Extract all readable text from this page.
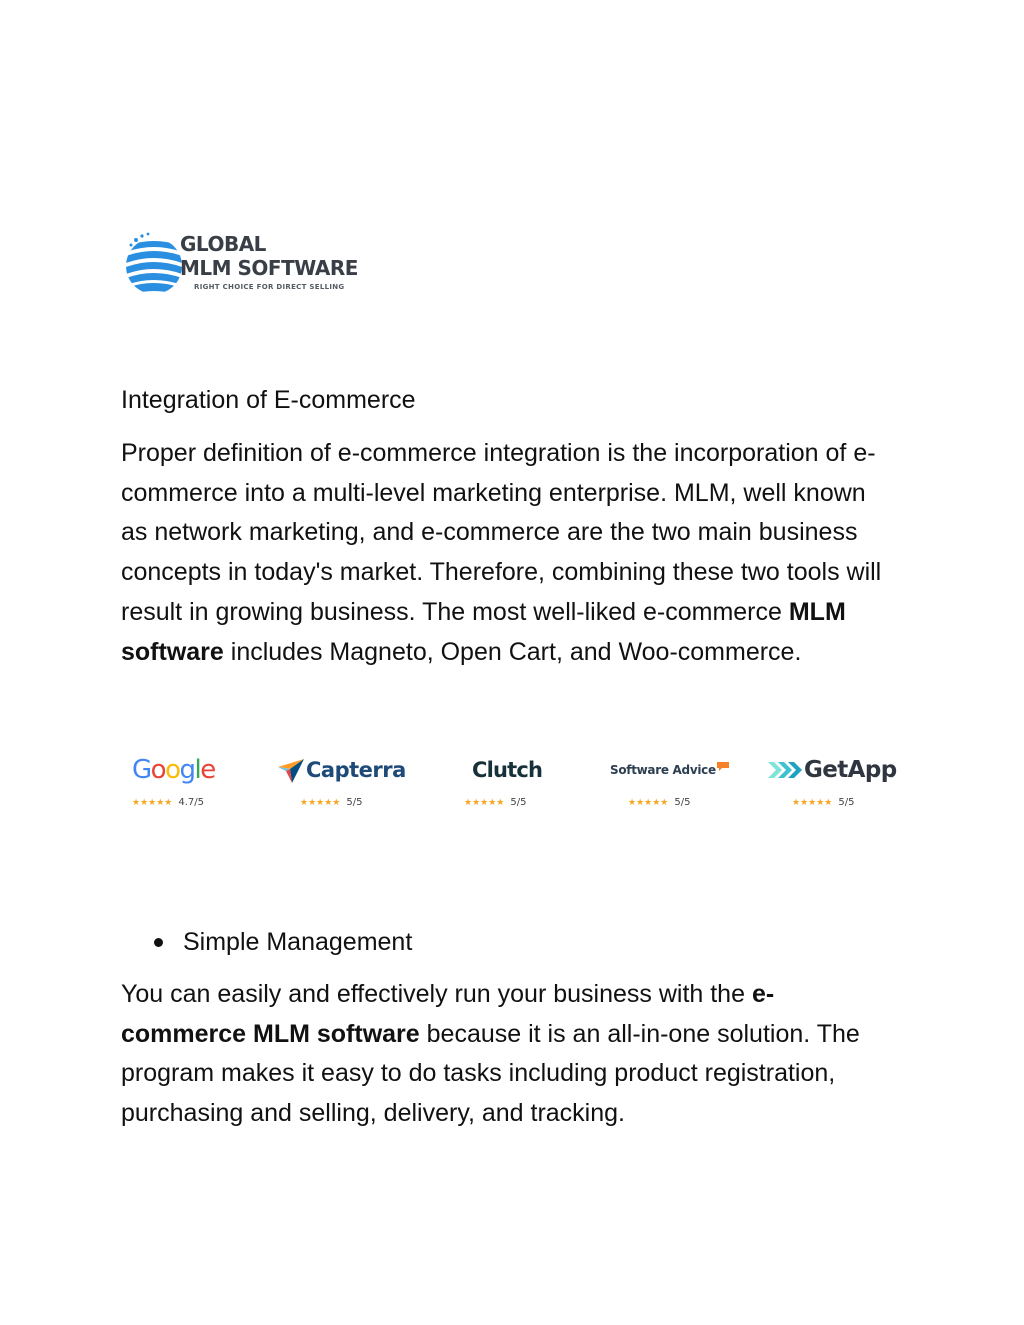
GLOBAL
MLM SOFTWARE
RIGHT CHOICE FOR DIRECT SELLING
Integration of E-commerce

Proper definition of e-commerce integration is the incorporation of e-commerce into a multi-level marketing enterprise. MLM, well known as network marketing, and e-commerce are the two main business concepts in today's market. Therefore, combining these two tools will result in growing business. The most well-liked e-commerce MLM software includes Magneto, Open Cart, and Woo-commerce.

Google
★★★★★ 4.7/5
Capterra
★★★★★ 5/5
Clutch
★★★★★ 5/5
Software Advice
★★★★★ 5/5
GetApp
★★★★★ 5/5
Simple Management

You can easily and effectively run your business with the e-commerce MLM software because it is an all-in-one solution. The program makes it easy to do tasks including product registration, purchasing and selling, delivery, and tracking.
